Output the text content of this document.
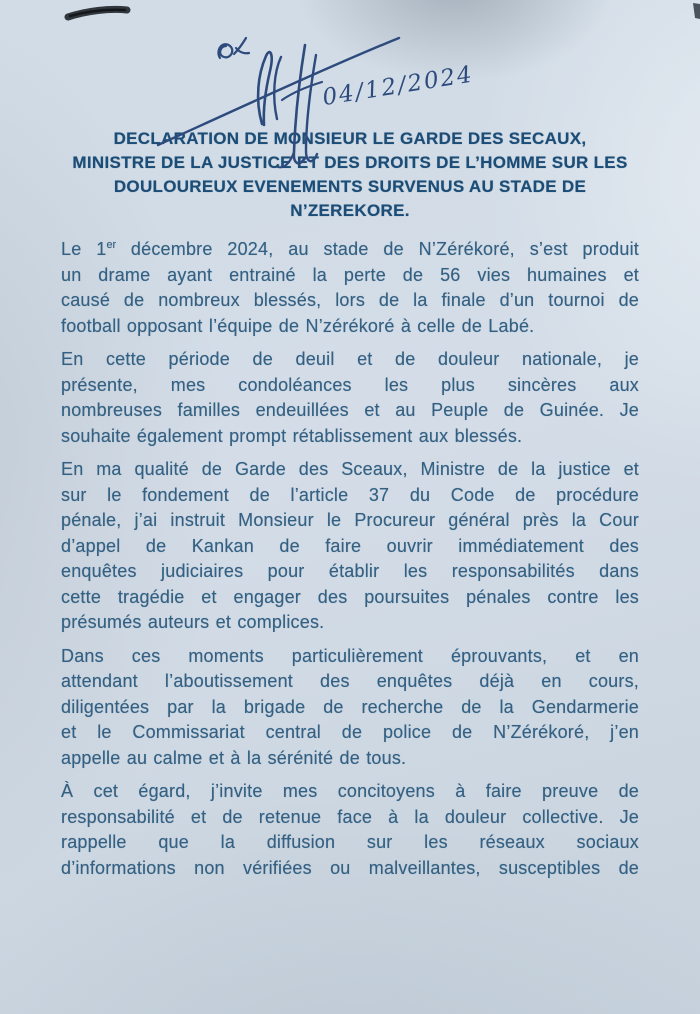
04/12/2024
DECLARATION DE MONSIEUR LE GARDE DES SECAUX,
MINISTRE DE LA JUSTICE ET DES DROITS DE L’HOMME SUR LES
DOULOUREUX EVENEMENTS SURVENUS AU STADE DE
N’ZEREKORE.
Le 1er décembre 2024, au stade de N’Zérékoré, s’est produit
un drame ayant entrainé la perte de 56 vies humaines et
causé de nombreux blessés, lors de la finale d’un tournoi de
football opposant l’équipe de N’zérékoré à celle de Labé.
En cette période de deuil et de douleur nationale, je
présente, mes condoléances les plus sincères aux
nombreuses familles endeuillées et au Peuple de Guinée. Je
souhaite également prompt rétablissement aux blessés.
En ma qualité de Garde des Sceaux, Ministre de la justice et
sur le fondement de l’article 37 du Code de procédure
pénale, j’ai instruit Monsieur le Procureur général près la Cour
d’appel de Kankan de faire ouvrir immédiatement des
enquêtes judiciaires pour établir les responsabilités dans
cette tragédie et engager des poursuites pénales contre les
présumés auteurs et complices.
Dans ces moments particulièrement éprouvants, et en
attendant l’aboutissement des enquêtes déjà en cours,
diligentées par la brigade de recherche de la Gendarmerie
et le Commissariat central de police de N’Zérékoré, j’en
appelle au calme et à la sérénité de tous.
À cet égard, j’invite mes concitoyens à faire preuve de
responsabilité et de retenue face à la douleur collective. Je
rappelle que la diffusion sur les réseaux sociaux
d’informations non vérifiées ou malveillantes, susceptibles de
